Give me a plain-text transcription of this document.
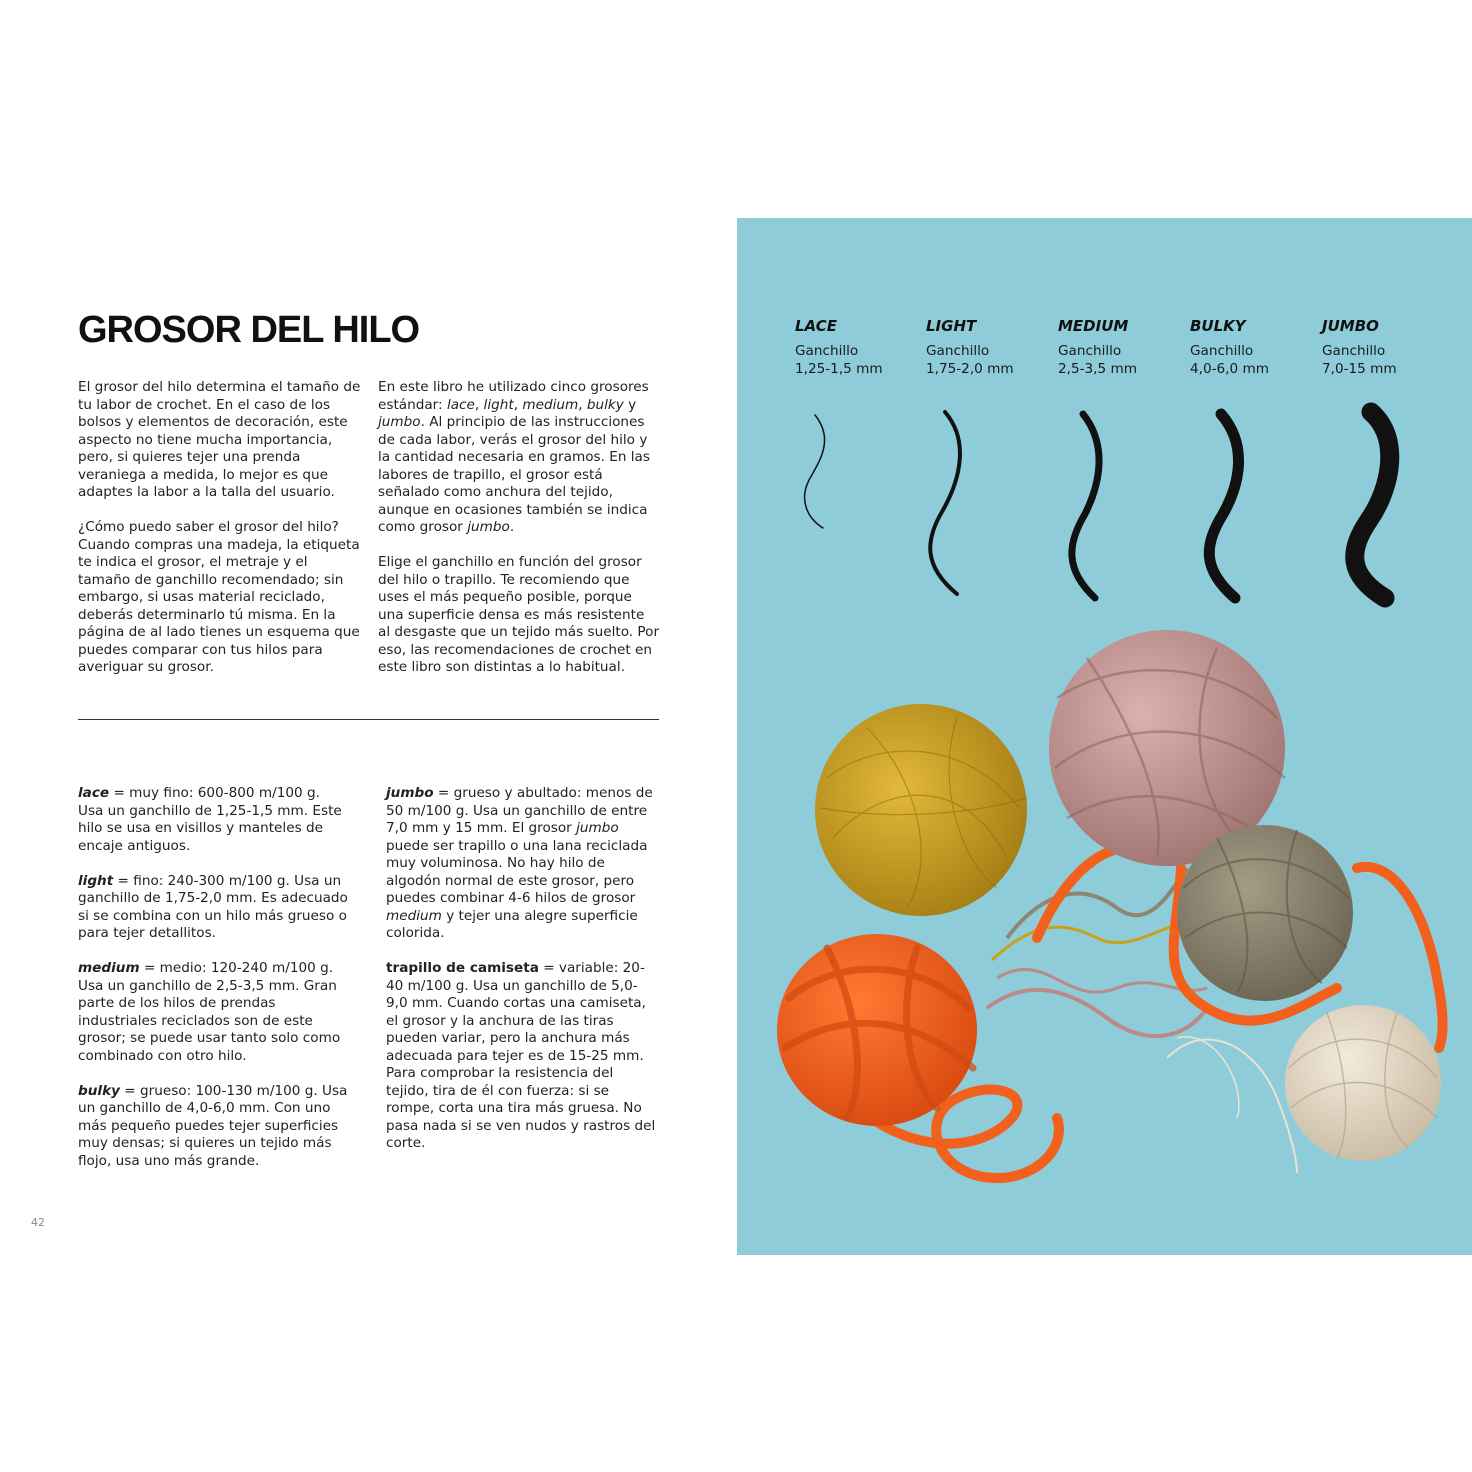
GROSOR DEL HILO

El grosor del hilo determina el tamaño de tu labor de crochet. En el caso de los bolsos y elementos de decoración, este aspecto no tiene mucha importancia, pero, si quieres tejer una prenda veraniega a medida, lo mejor es que adaptes la labor a la talla del usuario.

¿Cómo puedo saber el grosor del hilo? Cuando compras una madeja, la etiqueta te indica el grosor, el metraje y el tamaño de ganchillo recomendado; sin embargo, si usas material reciclado, deberás determinarlo tú misma. En la página de al lado tienes un esquema que puedes comparar con tus hilos para averiguar su grosor.

En este libro he utilizado cinco grosores estándar: lace, light, medium, bulky y jumbo. Al principio de las instrucciones de cada labor, verás el grosor del hilo y la cantidad necesaria en gramos. En las labores de trapillo, el grosor está señalado como anchura del tejido, aunque en ocasiones también se indica como grosor jumbo.

Elige el ganchillo en función del grosor del hilo o trapillo. Te recomiendo que uses el más pequeño posible, porque una superficie densa es más resistente al desgaste que un tejido más suelto. Por eso, las recomendaciones de crochet en este libro son distintas a lo habitual.

lace = muy fino: 600-800 m/100 g. Usa un ganchillo de 1,25-1,5 mm. Este hilo se usa en visillos y manteles de encaje antiguos.

light = fino: 240-300 m/100 g. Usa un ganchillo de 1,75-2,0 mm. Es adecuado si se combina con un hilo más grueso o para tejer detallitos.

medium = medio: 120-240 m/100 g. Usa un ganchillo de 2,5-3,5 mm. Gran parte de los hilos de prendas industriales reciclados son de este grosor; se puede usar tanto solo como combinado con otro hilo.

bulky = grueso: 100-130 m/100 g. Usa un ganchillo de 4,0-6,0 mm. Con uno más pequeño puedes tejer superficies muy densas; si quieres un tejido más flojo, usa uno más grande.

jumbo = grueso y abultado: menos de 50 m/100 g. Usa un ganchillo de entre 7,0 mm y 15 mm. El grosor jumbo puede ser trapillo o una lana reciclada muy voluminosa. No hay hilo de algodón normal de este grosor, pero puedes combinar 4-6 hilos de grosor medium y tejer una alegre superficie colorida.

trapillo de camiseta = variable: 20-40 m/100 g. Usa un ganchillo de 5,0-9,0 mm. Cuando cortas una camiseta, el grosor y la anchura de las tiras pueden variar, pero la anchura más adecuada para tejer es de 15-25 mm. Para comprobar la resistencia del tejido, tira de él con fuerza: si se rompe, corta una tira más gruesa. No pasa nada si se ven nudos y rastros del corte.

42
LACE
Ganchillo
1,25-1,5 mm
LIGHT
Ganchillo
1,75-2,0 mm
MEDIUM
Ganchillo
2,5-3,5 mm
BULKY
Ganchillo
4,0-6,0 mm
JUMBO
Ganchillo
7,0-15 mm
